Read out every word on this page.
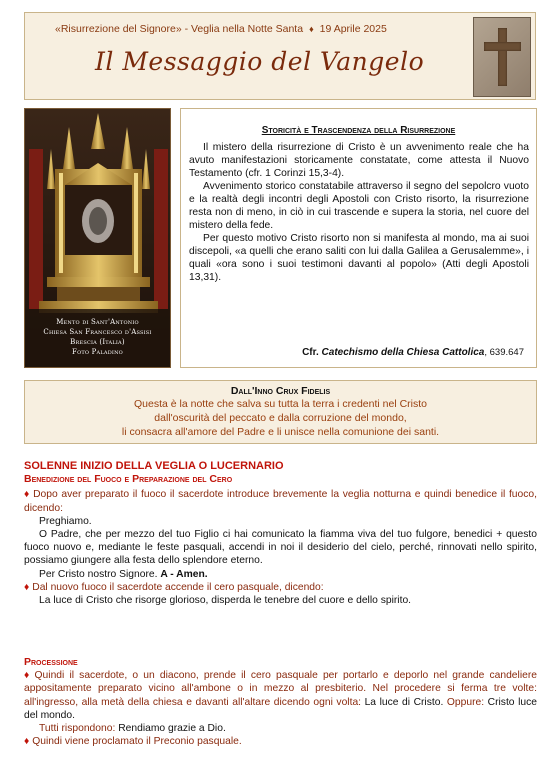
«Risurrezione del Signore» - Veglia nella Notte Santa ♦ 19 Aprile 2025
Il Messaggio del Vangelo
Mento di Sant'Antonio
Chiesa San Francesco d'Assisi
Brescia (Italia)
Foto Paladino
Storicità e Trascendenza della Risurrezione

Il mistero della risurrezione di Cristo è un avvenimento reale che ha avuto manifestazioni storicamente constatate, come attesta il Nuovo Testamento (cfr. 1 Corinzi 15,3-4).

Avvenimento storico constatabile attraverso il segno del sepolcro vuoto e la realtà degli incontri degli Apostoli con Cristo risorto, la risurrezione resta non di meno, in ciò in cui trascende e supera la storia, nel cuore del mistero della fede.

Per questo motivo Cristo risorto non si manifesta al mondo, ma ai suoi discepoli, «a quelli che erano saliti con lui dalla Galilea a Gerusalemme», i quali «ora sono i suoi testimoni davanti al popolo» (Atti degli Apostoli 13,31).

Cfr. Catechismo della Chiesa Cattolica, 639.647
Dall'Inno Crux Fidelis
Questa è la notte che salva su tutta la terra i credenti nel Cristo
dall'oscurità del peccato e dalla corruzione del mondo,
li consacra all'amore del Padre e li unisce nella comunione dei santi.
SOLENNE INIZIO DELLA VEGLIA O LUCERNARIO
Benedizione del Fuoco e Preparazione del Cero
♦ Dopo aver preparato il fuoco il sacerdote introduce brevemente la veglia notturna e quindi benedice il fuoco, dicendo:
Preghiamo.
O Padre, che per mezzo del tuo Figlio ci hai comunicato la fiamma viva del tuo fulgore, benedici + questo fuoco nuovo e, mediante le feste pasquali, accendi in noi il desiderio del cielo, perché, rinnovati nello spirito, possiamo giungere alla festa dello splendore eterno.
Per Cristo nostro Signore. A - Amen.
♦ Dal nuovo fuoco il sacerdote accende il cero pasquale, dicendo:
La luce di Cristo che risorge glorioso, disperda le tenebre del cuore e dello spirito.
Processione
♦ Quindi il sacerdote, o un diacono, prende il cero pasquale per portarlo e deporlo nel grande candeliere appositamente preparato vicino all'ambone o in mezzo al presbiterio. Nel procedere si ferma tre volte: all'ingresso, alla metà della chiesa e davanti all'altare dicendo ogni volta: La luce di Cristo. Oppure: Cristo luce del mondo.
Tutti rispondono: Rendiamo grazie a Dio.
♦ Quindi viene proclamato il Preconio pasquale.
